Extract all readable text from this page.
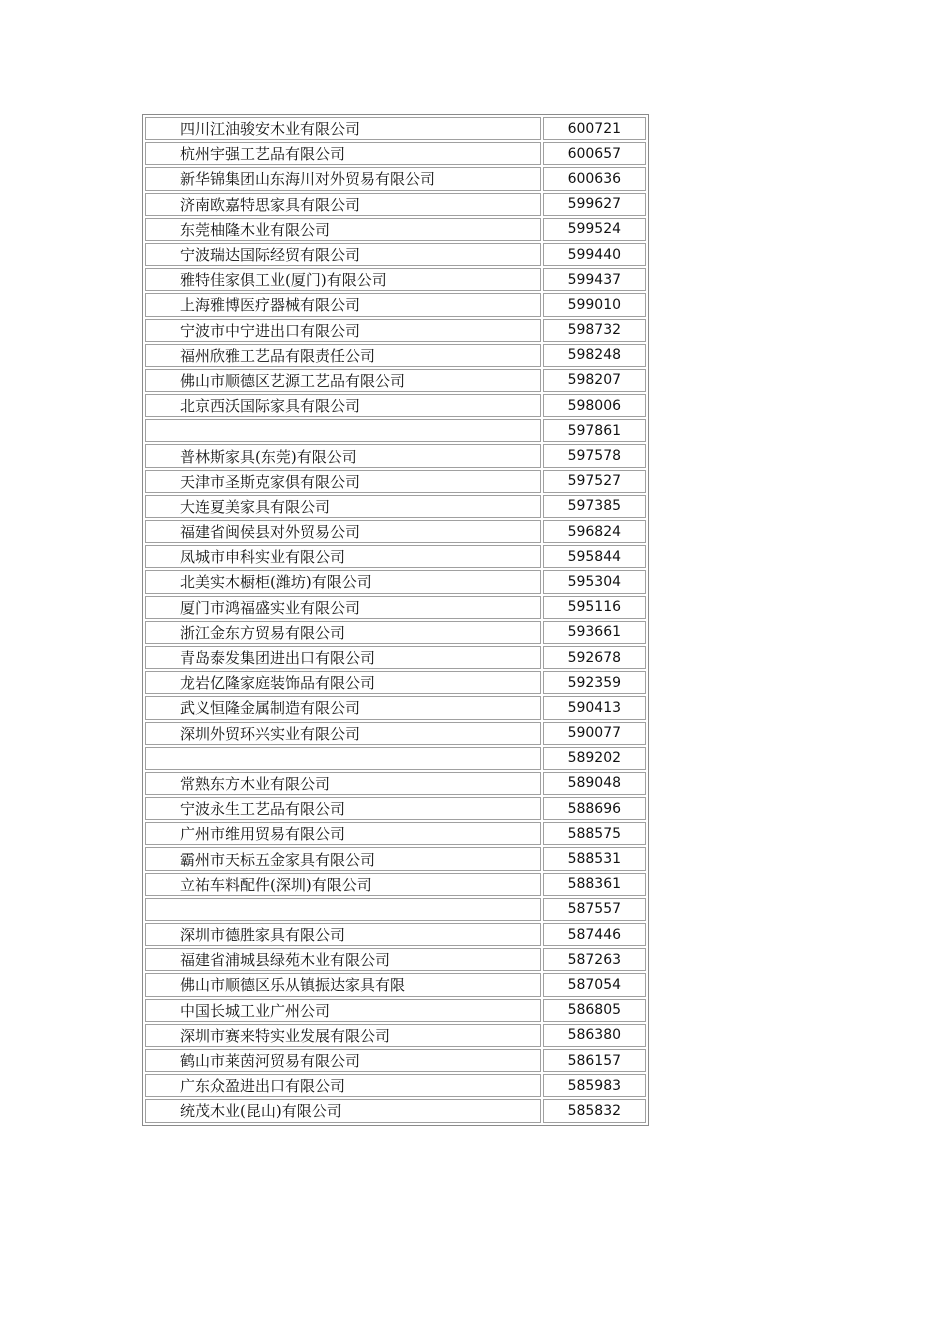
四川江油骏安木业有限公司	600721
杭州宇强工艺品有限公司	600657
新华锦集团山东海川对外贸易有限公司	600636
济南欧嘉特思家具有限公司	599627
东莞柚隆木业有限公司	599524
宁波瑞达国际经贸有限公司	599440
雅特佳家俱工业(厦门)有限公司	599437
上海雅博医疗器械有限公司	599010
宁波市中宁进出口有限公司	598732
福州欣雅工艺品有限责任公司	598248
佛山市顺德区艺源工艺品有限公司	598207
北京西沃国际家具有限公司	598006
	597861
普林斯家具(东莞)有限公司	597578
天津市圣斯克家俱有限公司	597527
大连夏美家具有限公司	597385
福建省闽侯县对外贸易公司	596824
凤城市申科实业有限公司	595844
北美实木橱柜(潍坊)有限公司	595304
厦门市鸿福盛实业有限公司	595116
浙江金东方贸易有限公司	593661
青岛泰发集团进出口有限公司	592678
龙岩亿隆家庭装饰品有限公司	592359
武义恒隆金属制造有限公司	590413
深圳外贸环兴实业有限公司	590077
	589202
常熟东方木业有限公司	589048
宁波永生工艺品有限公司	588696
广州市维用贸易有限公司	588575
霸州市天标五金家具有限公司	588531
立祐车料配件(深圳)有限公司	588361
	587557
深圳市德胜家具有限公司	587446
福建省浦城县绿苑木业有限公司	587263
佛山市顺德区乐从镇振达家具有限	587054
中国长城工业广州公司	586805
深圳市赛来特实业发展有限公司	586380
鹤山市莱茵河贸易有限公司	586157
广东众盈进出口有限公司	585983
统茂木业(昆山)有限公司	585832
